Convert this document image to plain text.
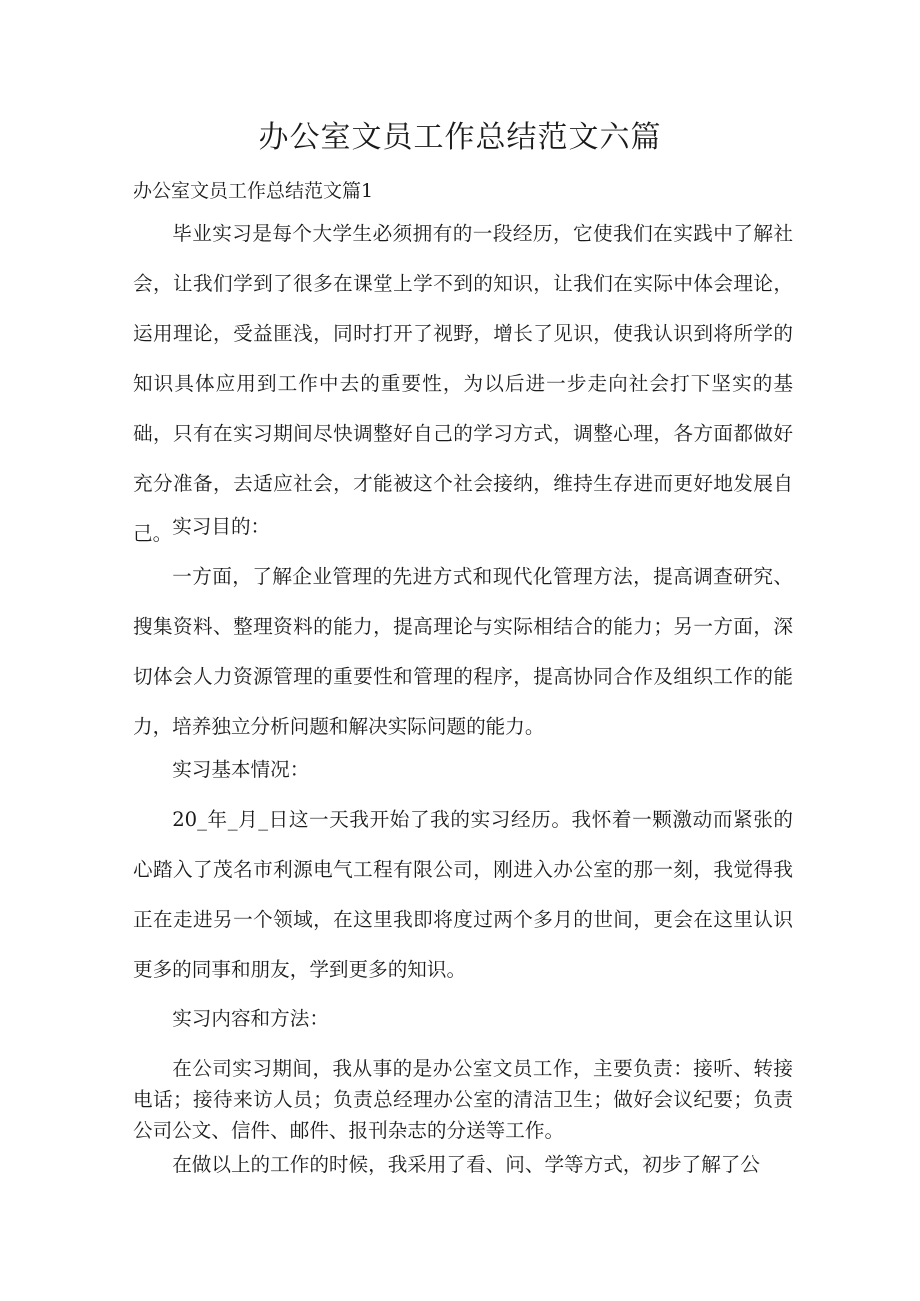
办公室文员工作总结范文六篇
办公室文员工作总结范文篇1

毕业实习是每个大学生必须拥有的一段经历，它使我们在实践中了解社会，让我们学到了很多在课堂上学不到的知识，让我们在实际中体会理论，运用理论，受益匪浅，同时打开了视野，增长了见识，使我认识到将所学的知识具体应用到工作中去的重要性，为以后进一步走向社会打下坚实的基础，只有在实习期间尽快调整好自己的学习方式，调整心理，各方面都做好充分准备，去适应社会，才能被这个社会接纳，维持生存进而更好地发展自己。 实习目的：

一方面，了解企业管理的先进方式和现代化管理方法，提高调查研究、搜集资料、整理资料的能力，提高理论与实际相结合的能力；另一方面，深切体会人力资源管理的重要性和管理的程序，提高协同合作及组织工作的能力，培养独立分析问题和解决实际问题的能力。

实习基本情况：

20_年_月_日这一天我开始了我的实习经历。我怀着一颗激动而紧张的心踏入了茂名市利源电气工程有限公司，刚进入办公室的那一刻，我觉得我正在走进另一个领域，在这里我即将度过两个多月的世间，更会在这里认识更多的同事和朋友，学到更多的知识。

实习内容和方法：

在公司实习期间，我从事的是办公室文员工作，主要负责：接听、转接电话；接待来访人员；负责总经理办公室的清洁卫生；做好会议纪要；负责公司公文、信件、邮件、报刊杂志的分送等工作。

在做以上的工作的时候，我采用了看、问、学等方式，初步了解了公
